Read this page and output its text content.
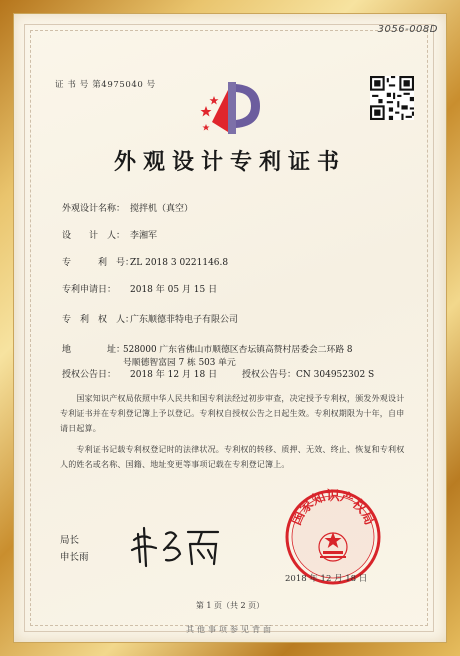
3056-008D
证 书 号 第4975040 号
外观设计专利证书
外观设计名称： 搅拌机（真空）
设　　计　人： 李湘军
专　　　利　号：ZL 2018 3 0221146.8
专利申请日： 2018 年 05 月 15 日
专　利　权　人：广东顺德菲特电子有限公司
地　　　　址：
528000 广东省佛山市顺德区杏坛镇高赞村居委会二环路 8
号顺德智富园 7 栋 503 单元
授权公告日： 2018 年 12 月 18 日	授权公告号：CN 304952302 S
　　国家知识产权局依照中华人民共和国专利法经过初步审查，决定授予专利权，颁发外观设计专利证书并在专利登记簿上予以登记。专利权自授权公告之日起生效。专利权期限为十年，自申请日起算。
　　专利证书记载专利权登记时的法律状况。专利权的转移、质押、无效、终止、恢复和专利权人的姓名或名称、国籍、地址变更等事项记载在专利登记簿上。
局长
申长雨
国家知识产权局
2018 年 12 月 18 日
第 1 页（共 2 页）
其他事项参见背面
